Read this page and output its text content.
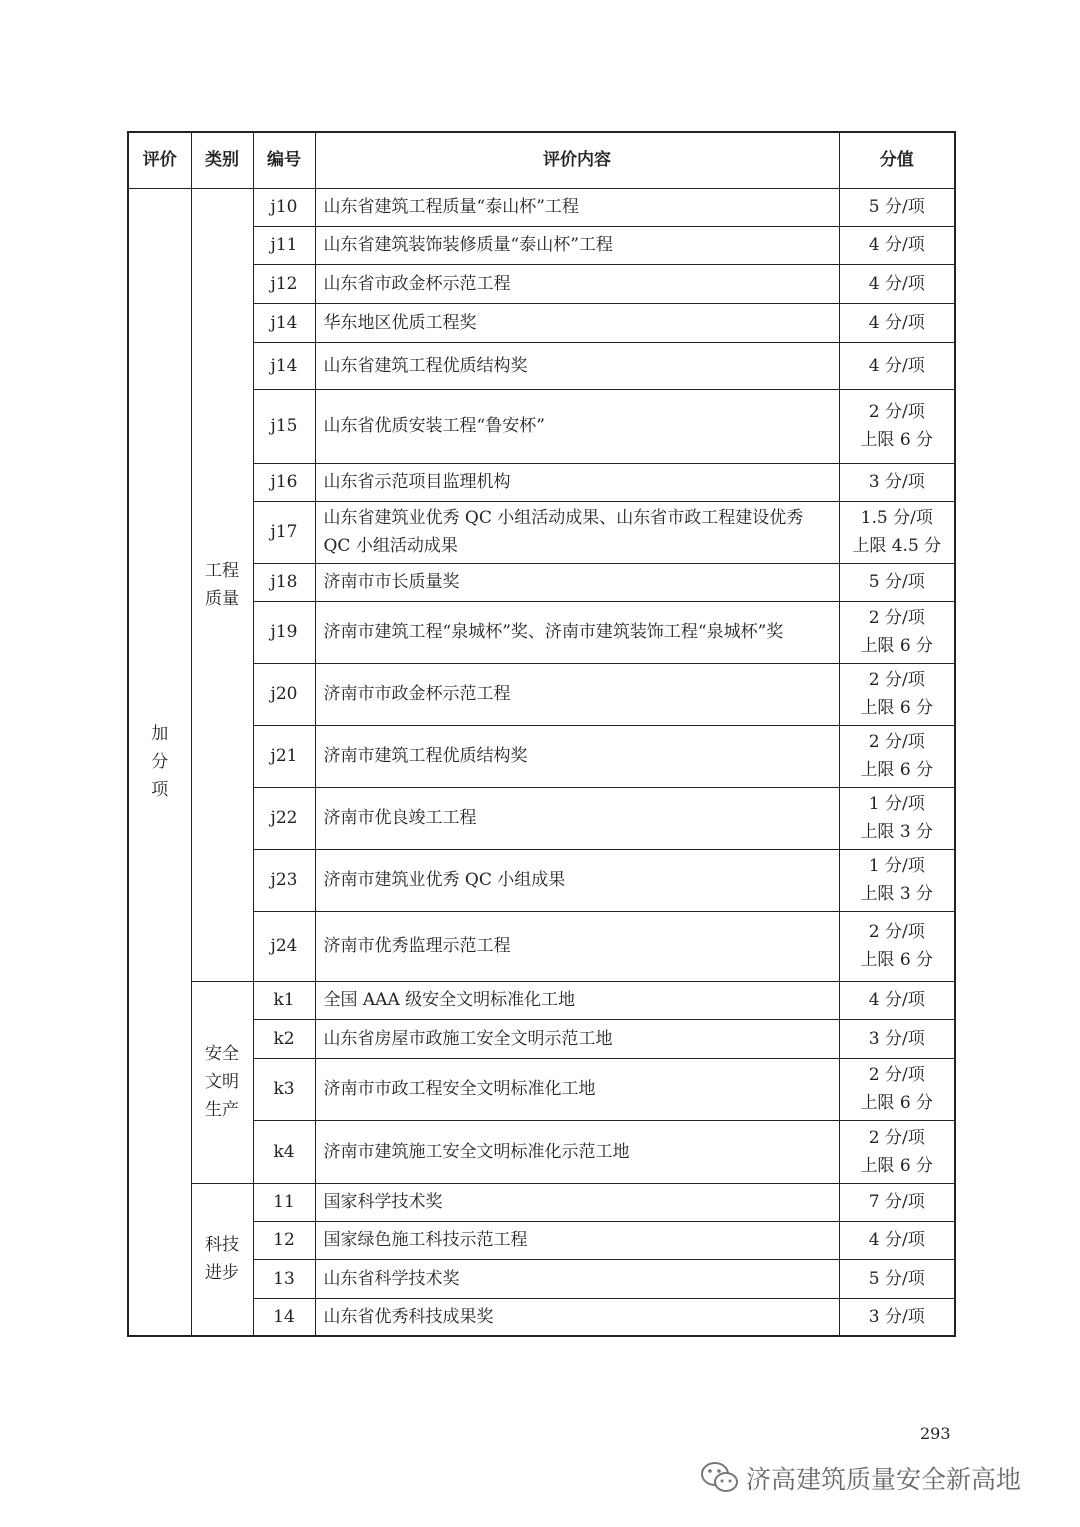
评价	类别	编号	评价内容	分值

加分项	工程质量	j10	山东省建筑工程质量“泰山杯”工程	5 分/项

		j11	山东省建筑装饰装修质量“泰山杯”工程	4 分/项

		j12	山东省市政金杯示范工程	4 分/项

		j14	华东地区优质工程奖	4 分/项

		j14	山东省建筑工程优质结构奖	4 分/项

		j15	山东省优质安装工程“鲁安杯”	2 分/项
上限 6 分

		j16	山东省示范项目监理机构	3 分/项

		j17	山东省建筑业优秀 QC 小组活动成果、山东省市政工程建设优秀 QC 小组活动成果	1.5 分/项
上限 4.5 分

		j18	济南市市长质量奖	5 分/项

		j19	济南市建筑工程“泉城杯”奖、济南市建筑装饰工程“泉城杯”奖	2 分/项
上限 6 分

		j20	济南市市政金杯示范工程	2 分/项
上限 6 分

		j21	济南市建筑工程优质结构奖	2 分/项
上限 6 分

		j22	济南市优良竣工工程	1 分/项
上限 3 分

		j23	济南市建筑业优秀 QC 小组成果	1 分/项
上限 3 分

		j24	济南市优秀监理示范工程	2 分/项
上限 6 分

	安全文明生产	k1	全国 AAA 级安全文明标准化工地	4 分/项

		k2	山东省房屋市政施工安全文明示范工地	3 分/项

		k3	济南市市政工程安全文明标准化工地	2 分/项
上限 6 分

		k4	济南市建筑施工安全文明标准化示范工地	2 分/项
上限 6 分

	科技进步	11	国家科学技术奖	7 分/项

		12	国家绿色施工科技示范工程	4 分/项

		13	山东省科学技术奖	5 分/项

		14	山东省优秀科技成果奖	3 分/项
293
济高建筑质量安全新高地
